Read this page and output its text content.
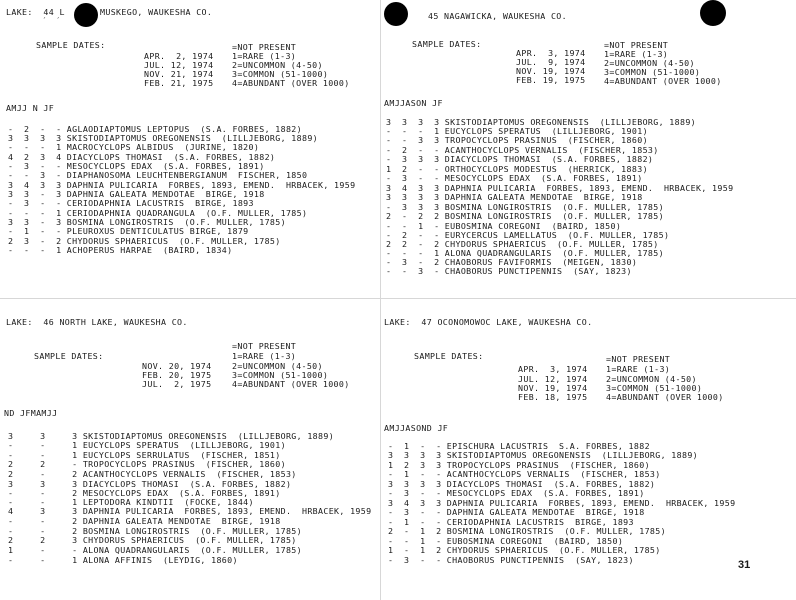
LAKE:  44 L	MUSKEGO, WAUKESHA CO.
´  ´
SAMPLE DATES:
APR.  2, 1974
JUL. 12, 1974
NOV. 21, 1974
FEB. 21, 1975
=NOT PRESENT
1=RARE (1-3)
2=UNCOMMON (4-50)
3=COMMON (51-1000)
4=ABUNDANT (OVER 1000)
AMJJ N JF
-  2  -  - AGLAODIAPTOMUS LEPTOPUS  (S.A. FORBES, 1882)
3  3  3  3 SKISTODIAPTOMUS OREGONENSIS  (LILLJEBORG, 1889)
-  -  -  1 MACROCYCLOPS ALBIDUS  (JURINE, 1820)
4  2  3  4 DIACYCLOPS THOMASI  (S.A. FORBES, 1882)
-  3  -  - MESOCYCLOPS EDAX  (S.A. FORBES, 1891)
-  -  3  - DIAPHANOSOMA LEUCHTENBERGIANUM  FISCHER, 1850
3  4  3  3 DAPHNIA PULICARIA  FORBES, 1893, EMEND.  HRBACEK, 1959
3  3  -  3 DAPHNIA GALEATA MENDOTAE  BIRGE, 1918
-  3  -  - CERIODAPHNIA LACUSTRIS  BIRGE, 1893
-  -  -  1 CERIODAPHNIA QUADRANGULA  (O.F. MULLER, 1785)
3  3  -  3 BOSMINA LONGIROSTRIS  (O.F. MULLER, 1785)
-  1  -  - PLEUROXUS DENTICULATUS BIRGE, 1879
2  3  -  2 CHYDORUS SPHAERICUS  (O.F. MULLER, 1785)
-  -  -  1 ACHOPERUS HARPAE  (BAIRD, 1834)
45 NAGAWICKA, WAUKESHA CO.
SAMPLE DATES:
APR.  3, 1974
JUL.  9, 1974
NOV. 19, 1974
FEB. 19, 1975
=NOT PRESENT
1=RARE (1-3)
2=UNCOMMON (4-50)
3=COMMON (51-1000)
4=ABUNDANT (OVER 1000)
AMJJASON JF
3  3  3  3 SKISTODIAPTOMUS OREGONENSIS  (LILLJEBORG, 1889)
-  -  -  1 EUCYCLOPS SPERATUS  (LILLJEBORG, 1901)
-  -  3  3 TROPOCYCLOPS PRASINUS  (FISCHER, 1860)
-  2  -  - ACANTHOCYCLOPS VERNALIS  (FISCHER, 1853)
-  3  3  3 DIACYCLOPS THOMASI  (S.A. FORBES, 1882)
1  2  -  - ORTHOCYCLOPS MODESTUS  (HERRICK, 1883)
-  3  -  - MESOCYCLOPS EDAX  (S.A. FORBES, 1891)
3  4  3  3 DAPHNIA PULICARIA  FORBES, 1893, EMEND.  HRBACEK, 1959
3  3  3  3 DAPHNIA GALEATA MENDOTAE  BIRGE, 1918
-  3  3  3 BOSMINA LONGIROSTRIS  (O.F. MULLER, 1785)
2  -  2  2 BOSMINA LONGIROSTRIS  (O.F. MULLER, 1785)
-  -  1  - EUBOSMINA COREGONI  (BAIRD, 1850)
-  2  -  - EURYCERCUS LAMELLATUS  (O.F. MULLER, 1785)
2  2  -  2 CHYDORUS SPHAERICUS  (O.F. MULLER, 1785)
-  -  -  1 ALONA QUADRANGULARIS  (O.F. MULLER, 1785)
-  3  -  2 CHAOBORUS FAVIFORMIS  (MEIGEN, 1830)
-  -  3  - CHAOBORUS PUNCTIPENNIS  (SAY, 1823)
LAKE:  46 NORTH LAKE, WAUKESHA CO.
SAMPLE DATES:
NOV. 20, 1974
FEB. 20, 1975
JUL.  2, 1975
=NOT PRESENT
1=RARE (1-3)
2=UNCOMMON (4-50)
3=COMMON (51-1000)
4=ABUNDANT (OVER 1000)
ND JFMAMJJ
3     3     3 SKISTODIAPTOMUS OREGONENSIS  (LILLJEBORG, 1889)
-     -     1 EUCYCLOPS SPERATUS  (LILLJEBORG, 1901)
-     -     1 EUCYCLOPS SERRULATUS  (FISCHER, 1851)
2     2     - TROPOCYCLOPS PRASINUS  (FISCHER, 1860)
2     -     2 ACANTHOCYCLOPS VERNALIS  (FISCHER, 1853)
3     3     3 DIACYCLOPS THOMASI  (S.A. FORBES, 1882)
-     -     2 MESOCYCLOPS EDAX  (S.A. FORBES, 1891)
-     -     1 LEPTODORA KINDTII  (FOCKE, 1844)
4     3     3 DAPHNIA PULICARIA  FORBES, 1893, EMEND.  HRBACEK, 1959
-     -     2 DAPHNIA GALEATA MENDOTAE  BIRGE, 1918
-     -     2 BOSMINA LONGIROSTRIS  (O.F. MULLER, 1785)
2     2     3 CHYDORUS SPHAERICUS  (O.F. MULLER, 1785)
1     -     - ALONA QUADRANGULARIS  (O.F. MULLER, 1785)
-     -     1 ALONA AFFINIS  (LEYDIG, 1860)
LAKE:  47 OCONOMOWOC LAKE, WAUKESHA CO.
SAMPLE DATES:
APR.  3, 1974
JUL. 12, 1974
NOV. 19, 1974
FEB. 18, 1975
=NOT PRESENT
1=RARE (1-3)
2=UNCOMMON (4-50)
3=COMMON (51-1000)
4=ABUNDANT (OVER 1000)
AMJJASOND JF
-  1  -  - EPISCHURA LACUSTRIS  S.A. FORBES, 1882
3  3  3  3 SKISTODIAPTOMUS OREGONENSIS  (LILLJEBORG, 1889)
1  2  3  3 TROPOCYCLOPS PRASINUS  (FISCHER, 1860)
-  1  -  - ACANTHOCYCLOPS VERNALIS  (FISCHER, 1853)
3  3  3  3 DIACYCLOPS THOMASI  (S.A. FORBES, 1882)
-  3  -  - MESOCYCLOPS EDAX  (S.A. FORBES, 1891)
3  4  3  3 DAPHNIA PULICARIA  FORBES, 1893, EMEND.  HRBACEK, 1959
-  3  -  - DAPHNIA GALEATA MENDOTAE  BIRGE, 1918
-  1  -  - CERIODAPHNIA LACUSTRIS  BIRGE, 1893
2  -  1  2 BOSMINA LONGIROSTRIS  (O.F. MULLER, 1785)
-  -  1  - EUBOSMINA COREGONI  (BAIRD, 1850)
1  -  1  2 CHYDORUS SPHAERICUS  (O.F. MULLER, 1785)
-  3  -  - CHAOBORUS PUNCTIPENNIS  (SAY, 1823)	31
